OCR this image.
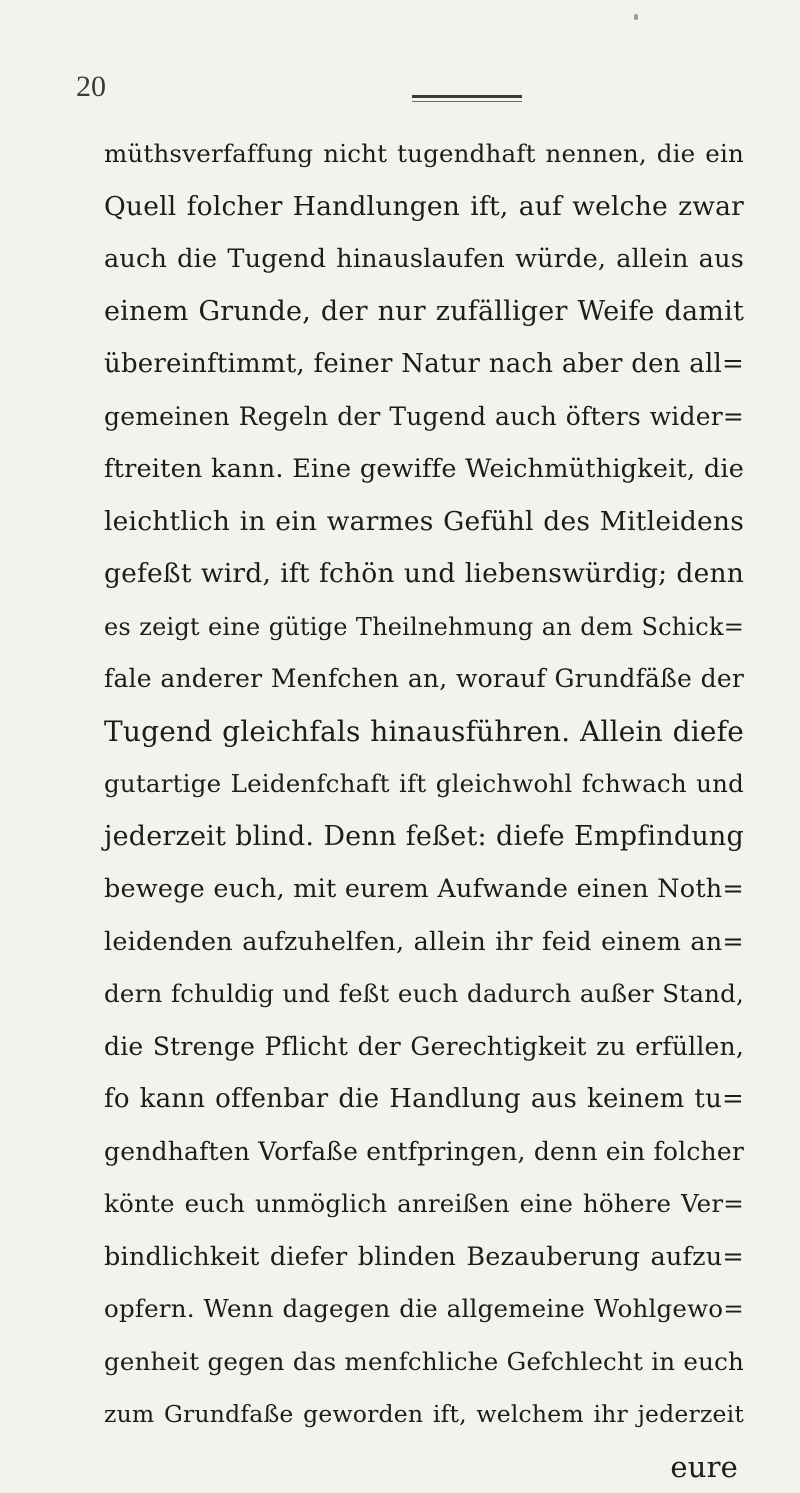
20
müthsverfaffung nicht tugendhaft nennen, die ein
Quell folcher Handlungen ift, auf welche zwar
auch die Tugend hinauslaufen würde, allein aus
einem Grunde, der nur zufälliger Weife damit
übereinftimmt, feiner Natur nach aber den all=
gemeinen Regeln der Tugend auch öfters wider=
ftreiten kann. Eine gewiffe Weichmüthigkeit, die
leichtlich in ein warmes Gefühl des Mitleidens
gefeßt wird, ift fchön und liebenswürdig; denn
es zeigt eine gütige Theilnehmung an dem Schick=
fale anderer Menfchen an, worauf Grundfäße der
Tugend gleichfals hinausführen. Allein diefe
gutartige Leidenfchaft ift gleichwohl fchwach und
jederzeit blind. Denn feßet: diefe Empfindung
bewege euch, mit eurem Aufwande einen Noth=
leidenden aufzuhelfen, allein ihr feid einem an=
dern fchuldig und feßt euch dadurch außer Stand,
die Strenge Pflicht der Gerechtigkeit zu erfüllen,
fo kann offenbar die Handlung aus keinem tu=
gendhaften Vorfaße entfpringen, denn ein folcher
könte euch unmöglich anreißen eine höhere Ver=
bindlichkeit diefer blinden Bezauberung aufzu=
opfern. Wenn dagegen die allgemeine Wohlgewo=
genheit gegen das menfchliche Gefchlecht in euch
zum Grundfaße geworden ift, welchem ihr jederzeit
eure
